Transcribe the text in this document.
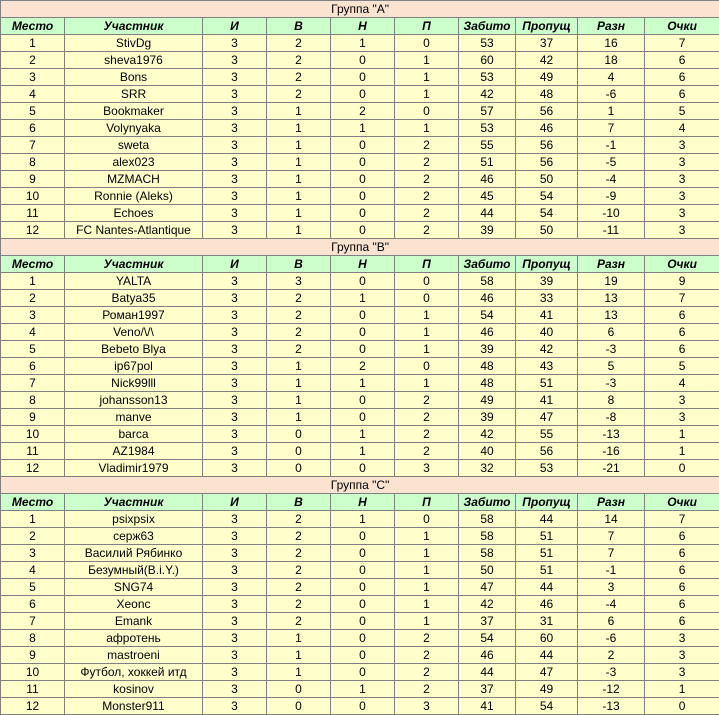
Группа "A"									
Место	Участник	И	В	Н	П	Забито	Пропущ	Разн	Очки
1	StivDg	3	2	1	0	53	37	16	7
2	sheva1976	3	2	0	1	60	42	18	6
3	Bons	3	2	0	1	53	49	4	6
4	SRR	3	2	0	1	42	48	-6	6
5	Bookmaker	3	1	2	0	57	56	1	5
6	Volynyaka	3	1	1	1	53	46	7	4
7	sweta	3	1	0	2	55	56	-1	3
8	alex023	3	1	0	2	51	56	-5	3
9	MZMACH	3	1	0	2	46	50	-4	3
10	Ronnie (Aleks)	3	1	0	2	45	54	-9	3
11	Echoes	3	1	0	2	44	54	-10	3
12	FC Nantes-Atlantique	3	1	0	2	39	50	-11	3
Группа "B"									
Место	Участник	И	В	Н	П	Забито	Пропущ	Разн	Очки
1	YALTA	3	3	0	0	58	39	19	9
2	Batya35	3	2	1	0	46	33	13	7
3	Роман1997	3	2	0	1	54	41	13	6
4	Veno/\/\	3	2	0	1	46	40	6	6
5	Bebeto Blya	3	2	0	1	39	42	-3	6
6	ip67pol	3	1	2	0	48	43	5	5
7	Nick99lll	3	1	1	1	48	51	-3	4
8	johansson13	3	1	0	2	49	41	8	3
9	manve	3	1	0	2	39	47	-8	3
10	barca	3	0	1	2	42	55	-13	1
11	AZ1984	3	0	1	2	40	56	-16	1
12	Vladimir1979	3	0	0	3	32	53	-21	0
Группа "C"									
Место	Участник	И	В	Н	П	Забито	Пропущ	Разн	Очки
1	psixpsix	3	2	1	0	58	44	14	7
2	серж63	3	2	0	1	58	51	7	6
3	Василий Рябинко	3	2	0	1	58	51	7	6
4	Безумный(B.i.Y.)	3	2	0	1	50	51	-1	6
5	SNG74	3	2	0	1	47	44	3	6
6	Xeonc	3	2	0	1	42	46	-4	6
7	Emank	3	2	0	1	37	31	6	6
8	афротень	3	1	0	2	54	60	-6	3
9	mastroeni	3	1	0	2	46	44	2	3
10	Футбол, хоккей итд	3	1	0	2	44	47	-3	3
11	kosinov	3	0	1	2	37	49	-12	1
12	Monster911	3	0	0	3	41	54	-13	0
